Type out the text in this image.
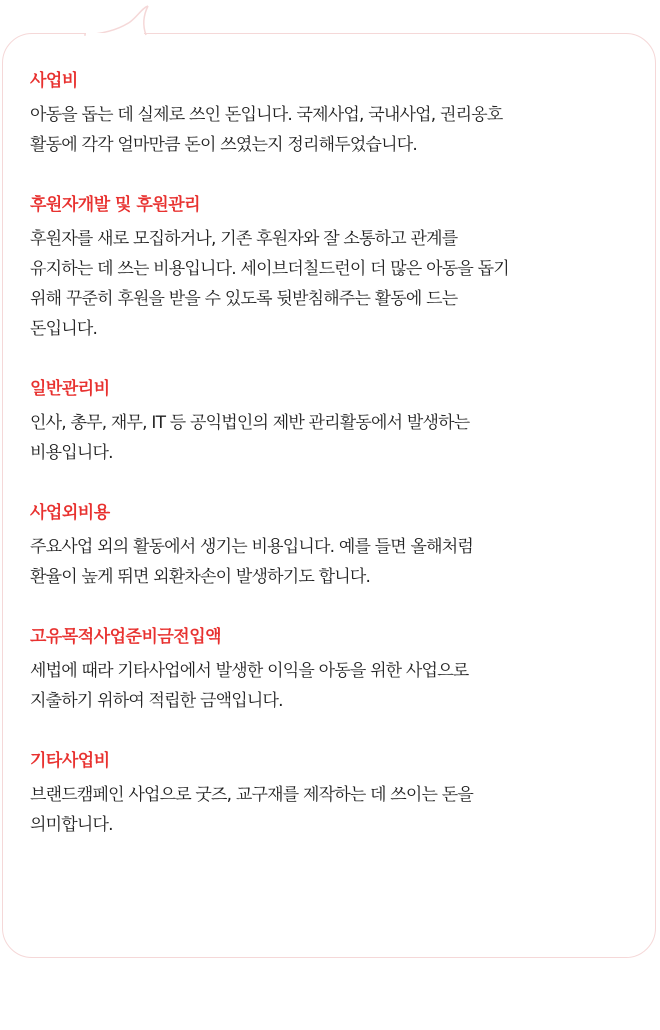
사업비
아동을 돕는 데 실제로 쓰인 돈입니다. 국제사업, 국내사업, 권리옹호
활동에 각각 얼마만큼 돈이 쓰였는지 정리해두었습니다.
후원자개발 및 후원관리
후원자를 새로 모집하거나, 기존 후원자와 잘 소통하고 관계를
유지하는 데 쓰는 비용입니다. 세이브더칠드런이 더 많은 아동을 돕기
위해 꾸준히 후원을 받을 수 있도록 뒷받침해주는 활동에 드는
돈입니다.
일반관리비
인사, 총무, 재무, IT 등 공익법인의 제반 관리활동에서 발생하는
비용입니다.
사업외비용
주요사업 외의 활동에서 생기는 비용입니다. 예를 들면 올해처럼
환율이 높게 뛰면 외환차손이 발생하기도 합니다.
고유목적사업준비금전입액
세법에 때라 기타사업에서 발생한 이익을 아동을 위한 사업으로
지출하기 위하여 적립한 금액입니다.
기타사업비
브랜드캠페인 사업으로 굿즈, 교구재를 제작하는 데 쓰이는 돈을
의미합니다.
